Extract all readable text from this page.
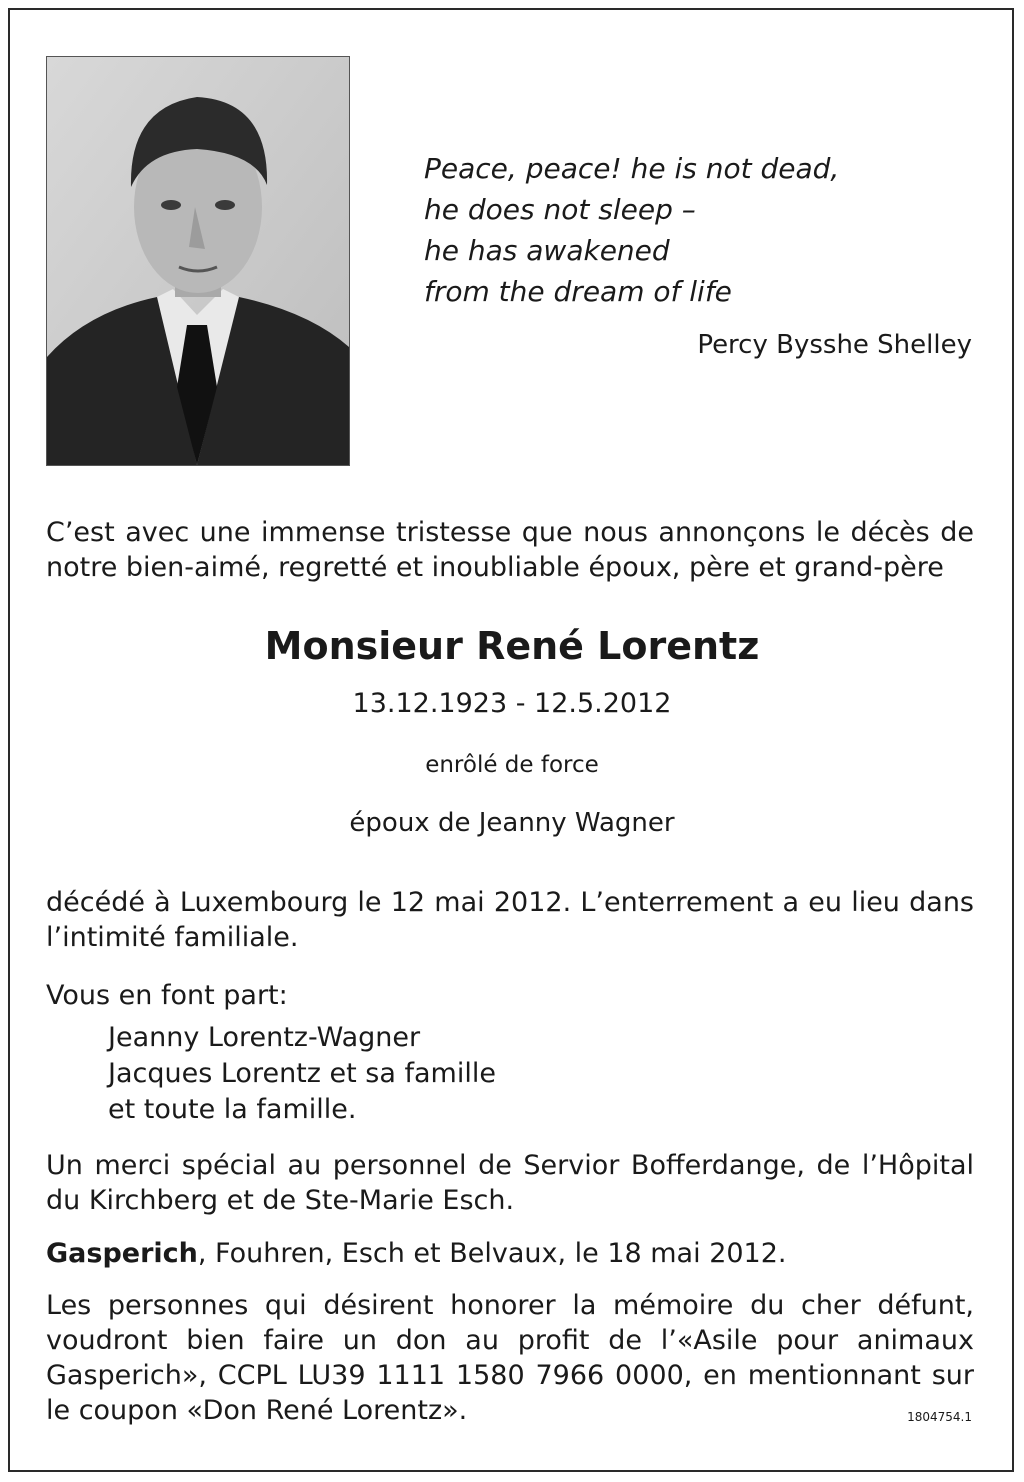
Peace, peace! he is not dead,
he does not sleep –
he has awakened
from the dream of life
Percy Bysshe Shelley
C’est avec une immense tristesse que nous annonçons le décès de notre bien-aimé, regretté et inoubliable époux, père et grand-père
Monsieur René Lorentz
13.12.1923 - 12.5.2012
enrôlé de force
époux de Jeanny Wagner
décédé à Luxembourg le 12 mai 2012. L’enterrement a eu lieu dans l’intimité familiale.
Vous en font part:
Jeanny Lorentz-Wagner
Jacques Lorentz et sa famille
et toute la famille.
Un merci spécial au personnel de Servior Bofferdange, de l’Hôpital du Kirchberg et de Ste-Marie Esch.
Gasperich, Fouhren, Esch et Belvaux, le 18 mai 2012.
Les personnes qui désirent honorer la mémoire du cher défunt, voudront bien faire un don au profit de l’«Asile pour animaux Gasperich», CCPL LU39 1111 1580 7966 0000, en mentionnant sur le coupon «Don René Lorentz».	1804754.1
